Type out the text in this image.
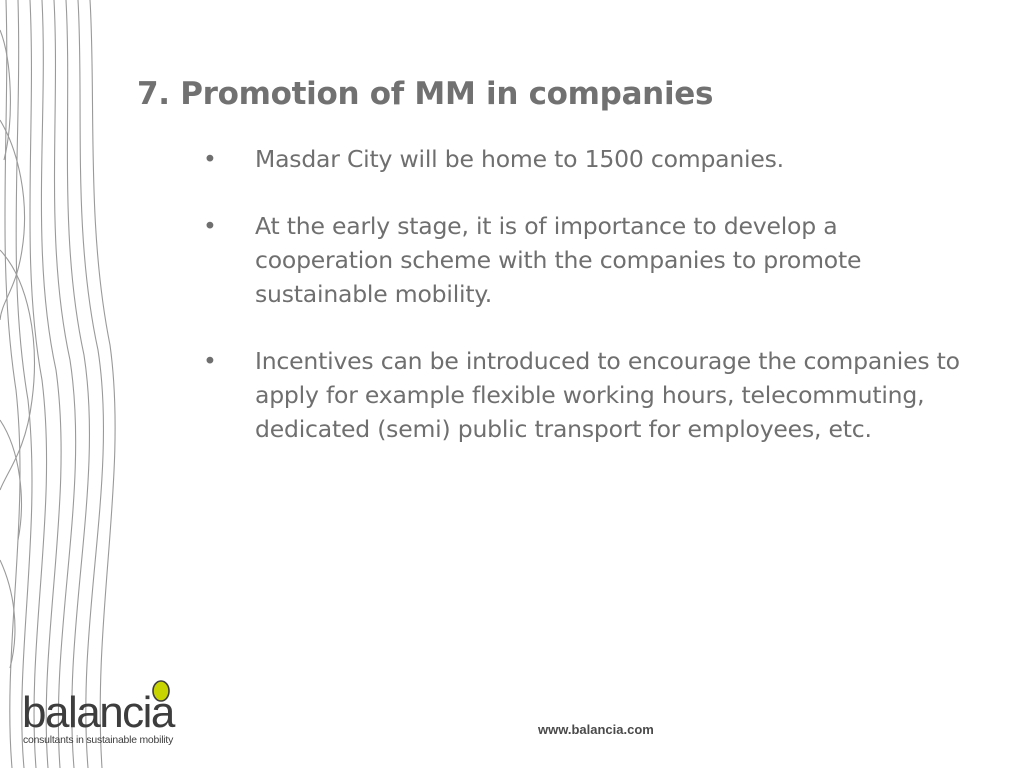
7. Promotion of MM in companies
•	Masdar City will be home to 1500 companies.
•	At the early stage, it is of importance to develop a cooperation scheme with the companies to promote sustainable mobility.
•	Incentives can be introduced to encourage the companies to apply for example flexible working hours, telecommuting, dedicated (semi) public transport for employees, etc.
balancia
consultants in sustainable mobility
www.balancia.com
